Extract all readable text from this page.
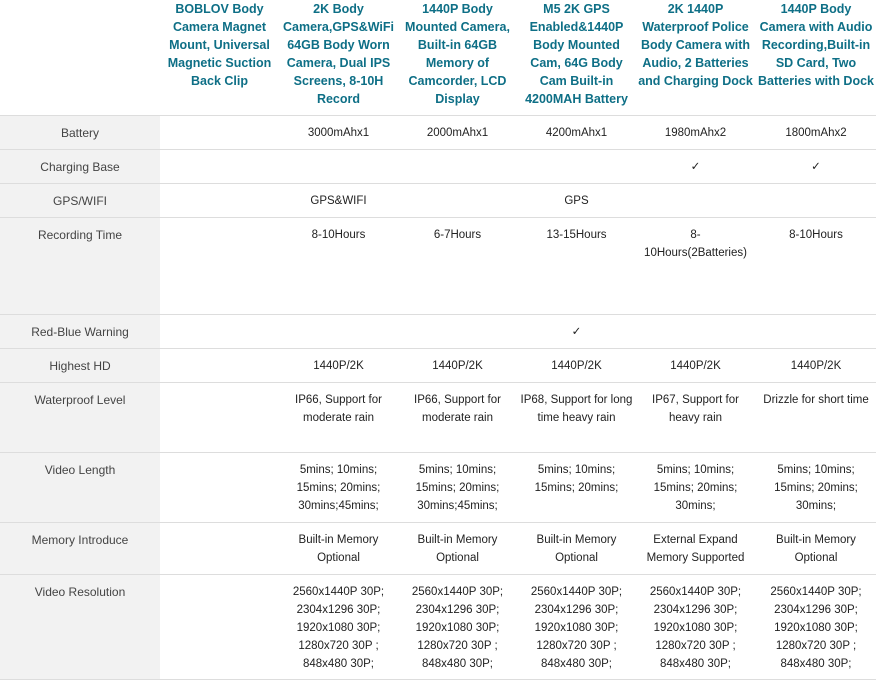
	BOBLOV Body Camera Magnet Mount, Universal Magnetic Suction Back Clip	2K Body Camera,GPS&WiFi 64GB Body Worn Camera, Dual IPS Screens, 8-10H Record	1440P Body Mounted Camera, Built-in 64GB Memory of Camcorder, LCD Display	M5 2K GPS Enabled&1440P Body Mounted Cam, 64G Body Cam Built-in 4200MAH Battery	2K 1440P Waterproof Police Body Camera with Audio, 2 Batteries and Charging Dock	1440P Body Camera with Audio Recording,Built-in SD Card, Two Batteries with Dock
Battery		3000mAhx1	2000mAhx1	4200mAhx1	1980mAhx2	1800mAhx2
Charging Base					✓	✓
GPS/WIFI		GPS&WIFI		GPS		
Recording Time		8-10Hours	6-7Hours	13-15Hours	8-10Hours(2Batteries)	8-10Hours
Red-Blue Warning				✓		
Highest HD		1440P/2K	1440P/2K	1440P/2K	1440P/2K	1440P/2K
Waterproof Level		IP66, Support for moderate rain	IP66, Support for moderate rain	IP68, Support for long time heavy rain	IP67, Support for heavy rain	Drizzle for short time
Video Length		5mins; 10mins; 15mins; 20mins; 30mins;45mins;	5mins; 10mins; 15mins; 20mins; 30mins;45mins;	5mins; 10mins; 15mins; 20mins;	5mins; 10mins; 15mins; 20mins; 30mins;	5mins; 10mins; 15mins; 20mins; 30mins;
Memory Introduce		Built-in Memory Optional	Built-in Memory Optional	Built-in Memory Optional	External Expand Memory Supported	Built-in Memory Optional
Video Resolution		2560x1440P 30P; 2304x1296 30P; 1920x1080 30P; 1280x720 30P ; 848x480 30P;	2560x1440P 30P; 2304x1296 30P; 1920x1080 30P; 1280x720 30P ; 848x480 30P;	2560x1440P 30P; 2304x1296 30P; 1920x1080 30P; 1280x720 30P ; 848x480 30P;	2560x1440P 30P; 2304x1296 30P; 1920x1080 30P; 1280x720 30P ; 848x480 30P;	2560x1440P 30P; 2304x1296 30P; 1920x1080 30P; 1280x720 30P ; 848x480 30P;
